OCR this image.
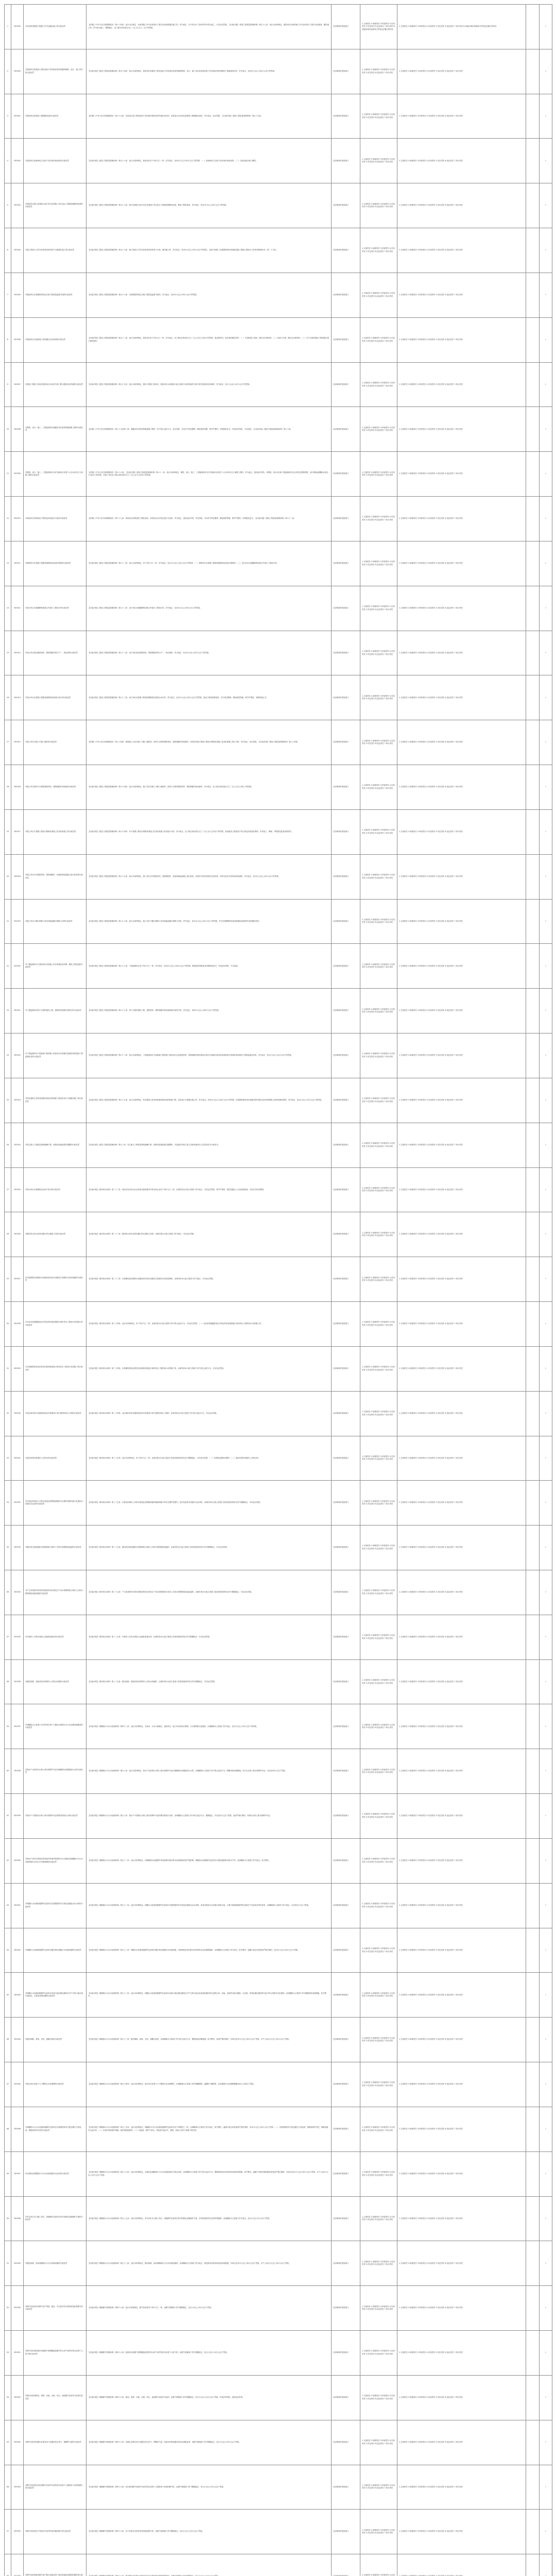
1	330299	对未经取得建筑工程施工许可证擅自施工的行政处罚	【法律】《中华人民共和国建筑法》第六十四条：违反本法规定，未取得施工许可证或者开工报告未经批准擅自施工的，责令改正，对不符合开工条件的责令停止施工，可以处以罚款。【行政法规】《建设工程质量管理条例》第五十七条：违反本条例规定，建设单位未取得施工许可证或者开工报告未经批准，擅自施工的，责令停止施工，限期改正，处工程合同价款百分之一以上百分之二以下的罚款。	住房和城乡建设部门	1.立案责任 2.调查责任 3.审查责任 4.告知责任 5.决定责任 6.送达责任 7.执行责任 8.其他法律法规规章文件规定应履行的责任	1.立案责任 2.调查责任 3.审查责任 4.告知责任 5.决定责任 6.送达责任 7.执行责任 8.其他法律法规规章文件规定应履行的责任		√
2	330300	对建设单位将建设工程发包给不具有相应资质等级的勘察、设计、施工单位的行政处罚	【行政法规】《建设工程质量管理条例》第五十四条：违反本条例规定，建设单位将建设工程发包给不具有相应资质等级的勘察、设计、施工单位或者委托给不具有相应资质等级的工程监理单位的，责令改正，处50万元以上100万元以下的罚款。	住房和城乡建设部门	1.立案责任 2.调查责任 3.审查责任 4.告知责任 5.决定责任 6.送达责任 7.执行责任	1.立案责任 2.调查责任 3.审查责任 4.告知责任 5.决定责任 6.送达责任 7.执行责任		√
3	330301	对建设单位将建设工程肢解发包的行政处罚	【法律】《中华人民共和国建筑法》第六十五条：发包单位将工程发包给不具有相应资质条件的承包单位的，或者违反本法规定将建筑工程肢解发包的，责令改正，处以罚款。【行政法规】《建设工程质量管理条例》第五十五条。	住房和城乡建设部门	1.立案责任 2.调查责任 3.审查责任 4.告知责任 5.决定责任 6.送达责任 7.执行责任	1.立案责任 2.调查责任 3.审查责任 4.告知责任 5.决定责任 6.送达责任 7.执行责任		√
4	330302	对建设单位迫使承包方以低于成本的价格竞标的行政处罚	【行政法规】《建设工程质量管理条例》第五十六条：违反本条例规定，建设单位有下列行为之一的，责令改正，处20万元以上50万元以下的罚款：（一）迫使承包方以低于成本的价格竞标的；（二）任意压缩合理工期的。	住房和城乡建设部门	1.立案责任 2.调查责任 3.审查责任 4.告知责任 5.决定责任 6.送达责任 7.执行责任	1.立案责任 2.调查责任 3.审查责任 4.告知责任 5.决定责任 6.送达责任 7.执行责任		√
5	330303	对建设单位明示或者暗示设计单位或者施工单位违反工程建设强制性标准的行政处罚	【行政法规】《建设工程质量管理条例》第五十六条：明示或者暗示设计单位或者施工单位违反工程建设强制性标准，降低工程质量的，责令改正，处20万元以上50万元以下的罚款。	住房和城乡建设部门	1.立案责任 2.调查责任 3.审查责任 4.告知责任 5.决定责任 6.送达责任 7.执行责任	1.立案责任 2.调查责任 3.审查责任 4.告知责任 5.决定责任 6.送达责任 7.执行责任		√
6	330304	对施工图设计文件未经审查或者审查不合格擅自施工的行政处罚	【行政法规】《建设工程质量管理条例》第五十六条：施工图设计文件未经审查或者审查不合格，擅自施工的，责令改正，处20万元以上50万元以下的罚款。【部门规章】《房屋建筑和市政基础设施工程施工图设计文件审查管理办法》第二十九条。	住房和城乡建设部门	1.立案责任 2.调查责任 3.审查责任 4.告知责任 5.决定责任 6.送达责任 7.执行责任	1.立案责任 2.调查责任 3.审查责任 4.告知责任 5.决定责任 6.送达责任 7.执行责任		√
7	330305	对建设单位未按照国家规定办理工程质量监督手续的行政处罚	【行政法规】《建设工程质量管理条例》第五十六条：未按照国家规定办理工程质量监督手续的，责令改正，处20万元以上50万元以下的罚款。	住房和城乡建设部门	1.立案责任 2.调查责任 3.审查责任 4.告知责任 5.决定责任 6.送达责任 7.执行责任	1.立案责任 2.调查责任 3.审查责任 4.告知责任 5.决定责任 6.送达责任 7.执行责任		√
8	330306	对建设单位未组织竣工验收擅自交付使用的行政处罚	【行政法规】《建设工程质量管理条例》第五十八条：违反本条例规定，建设单位有下列行为之一的，责令改正，处工程合同价款百分之二以上百分之四以下的罚款；造成损失的，依法承担赔偿责任：（一）未组织竣工验收，擅自交付使用的；（二）验收不合格，擅自交付使用的；（三）对不合格的建设工程按照合格工程验收的。	住房和城乡建设部门	1.立案责任 2.调查责任 3.审查责任 4.告知责任 5.决定责任 6.送达责任 7.执行责任	1.立案责任 2.调查责任 3.审查责任 4.告知责任 5.决定责任 6.送达责任 7.执行责任		√
9	330307	对建设工程竣工验收后建设单位未向有关部门移交建设项目档案的行政处罚	【行政法规】《建设工程质量管理条例》第五十九条：违反本条例规定，建设工程竣工验收后，建设单位未向建设行政主管部门或者其他有关部门移交建设项目档案的，责令改正，处1万元以上10万元以下的罚款。	住房和城乡建设部门	1.立案责任 2.调查责任 3.审查责任 4.告知责任 5.决定责任 6.送达责任 7.执行责任	1.立案责任 2.调查责任 3.审查责任 4.告知责任 5.决定责任 6.送达责任 7.执行责任		√
10	330308	对勘察、设计、施工、工程监理单位超越本单位资质等级承揽工程的行政处罚	【法律】《中华人民共和国建筑法》第六十五条第二款：超越本单位资质等级承揽工程的，责令停止违法行为，处以罚款，可以责令停业整顿，降低资质等级；情节严重的，吊销资质证书；有违法所得的，予以没收。【行政法规】《建设工程质量管理条例》第六十条。	住房和城乡建设部门	1.立案责任 2.调查责任 3.审查责任 4.告知责任 5.决定责任 6.送达责任 7.执行责任	1.立案责任 2.调查责任 3.审查责任 4.告知责任 5.决定责任 6.送达责任 7.执行责任		√
11	330309	对勘察、设计、施工、工程监理单位允许其他单位或者个人以本单位名义承揽工程的行政处罚	【法律】《中华人民共和国建筑法》第六十六条。【行政法规】《建设工程质量管理条例》第六十一条：违反本条例规定，勘察、设计、施工、工程监理单位允许其他单位或者个人以本单位名义承揽工程的，责令改正，没收违法所得，对勘察、设计单位和工程监理单位处合同约定的勘察费、设计费和监理酬金1倍以上2倍以下的罚款；对施工单位处工程合同价款百分之二以上百分之四以下的罚款。	住房和城乡建设部门	1.立案责任 2.调查责任 3.审查责任 4.告知责任 5.决定责任 6.送达责任 7.执行责任	1.立案责任 2.调查责任 3.审查责任 4.告知责任 5.决定责任 6.送达责任 7.执行责任		√
12	330310	对承包单位将承包的工程转包或者违法分包的行政处罚	【法律】《中华人民共和国建筑法》第六十七条：承包单位将承包的工程转包的，或者违反本法规定进行分包的，责令改正，没收违法所得，并处罚款，可以责令停业整顿，降低资质等级；情节严重的，吊销资质证书。【行政法规】《建设工程质量管理条例》第六十二条。	住房和城乡建设部门	1.立案责任 2.调查责任 3.审查责任 4.告知责任 5.决定责任 6.送达责任 7.执行责任	1.立案责任 2.调查责任 3.审查责任 4.告知责任 5.决定责任 6.送达责任 7.执行责任		√
13	330311	对勘察单位未按照工程建设强制性标准进行勘察的行政处罚	【行政法规】《建设工程质量管理条例》第六十三条：违反本条例规定，有下列行为之一的，责令改正，处10万元以上30万元以下的罚款：（一）勘察单位未按照工程建设强制性标准进行勘察的；（二）设计单位未根据勘察成果文件进行工程设计的。	住房和城乡建设部门	1.立案责任 2.调查责任 3.审查责任 4.告知责任 5.决定责任 6.送达责任 7.执行责任	1.立案责任 2.调查责任 3.审查责任 4.告知责任 5.决定责任 6.送达责任 7.执行责任		√
14	330312	对设计单位未根据勘察成果文件进行工程设计的行政处罚	【行政法规】《建设工程质量管理条例》第六十三条：设计单位未根据勘察成果文件进行工程设计的，责令改正，处10万元以上30万元以下的罚款。	住房和城乡建设部门	1.立案责任 2.调查责任 3.审查责任 4.告知责任 5.决定责任 6.送达责任 7.执行责任	1.立案责任 2.调查责任 3.审查责任 4.告知责任 5.决定责任 6.送达责任 7.执行责任		√
15	330313	对设计单位指定建筑材料、建筑构配件的生产厂、供应商的行政处罚	【行政法规】《建设工程质量管理条例》第六十三条：设计单位指定建筑材料、建筑构配件的生产厂、供应商的，责令改正，处10万元以上30万元以下的罚款。	住房和城乡建设部门	1.立案责任 2.调查责任 3.审查责任 4.告知责任 5.决定责任 6.送达责任 7.执行责任	1.立案责任 2.调查责任 3.审查责任 4.告知责任 5.决定责任 6.送达责任 7.执行责任		√
16	330314	对设计单位未按照工程建设强制性标准进行设计的行政处罚	【行政法规】《建设工程质量管理条例》第六十三条：设计单位未按照工程建设强制性标准进行设计的，责令改正，处10万元以上30万元以下的罚款；造成工程质量事故的，责令停业整顿，降低资质等级；情节严重的，吊销资质证书。	住房和城乡建设部门	1.立案责任 2.调查责任 3.审查责任 4.告知责任 5.决定责任 6.送达责任 7.执行责任	1.立案责任 2.调查责任 3.审查责任 4.告知责任 5.决定责任 6.送达责任 7.执行责任		√
17	330315	对施工单位在施工中偷工减料的行政处罚	【法律】《中华人民共和国建筑法》第七十四条：建筑施工企业在施工中偷工减料的，使用不合格的建筑材料、建筑构配件和设备的，或者有其他不按照工程设计图纸或者施工技术标准施工的行为的，责令改正，处以罚款。【行政法规】《建设工程质量管理条例》第六十四条。	住房和城乡建设部门	1.立案责任 2.调查责任 3.审查责任 4.告知责任 5.决定责任 6.送达责任 7.执行责任	1.立案责任 2.调查责任 3.审查责任 4.告知责任 5.决定责任 6.送达责任 7.执行责任		√
18	330316	对施工单位使用不合格的建筑材料、建筑构配件和设备的行政处罚	【行政法规】《建设工程质量管理条例》第六十四条：违反本条例规定，施工单位在施工中偷工减料的，使用不合格的建筑材料、建筑构配件和设备的，责令改正，处工程合同价款百分之二以上百分之四以下的罚款。	住房和城乡建设部门	1.立案责任 2.调查责任 3.审查责任 4.告知责任 5.决定责任 6.送达责任 7.执行责任	1.立案责任 2.调查责任 3.审查责任 4.告知责任 5.决定责任 6.送达责任 7.执行责任		√
19	330317	对施工单位不按照工程设计图纸或者施工技术标准施工的行政处罚	【行政法规】《建设工程质量管理条例》第六十四条：有不按照工程设计图纸或者施工技术标准施工的其他行为的，责令改正，处工程合同价款百分之二以上百分之四以下的罚款；造成建设工程质量不符合规定的质量标准的，负责返工、修理，并赔偿因此造成的损失。	住房和城乡建设部门	1.立案责任 2.调查责任 3.审查责任 4.告知责任 5.决定责任 6.送达责任 7.执行责任	1.立案责任 2.调查责任 3.审查责任 4.告知责任 5.决定责任 6.送达责任 7.执行责任		√
20	330318	对施工单位未对建筑材料、建筑构配件、设备和商品混凝土进行检验的行政处罚	【行政法规】《建设工程质量管理条例》第六十五条：违反本条例规定，施工单位未对建筑材料、建筑构配件、设备和商品混凝土进行检验，或者未对涉及结构安全的试块、试件以及有关材料取样检测的，责令改正，处10万元以上20万元以下的罚款。	住房和城乡建设部门	1.立案责任 2.调查责任 3.审查责任 4.告知责任 5.决定责任 6.送达责任 7.执行责任	1.立案责任 2.调查责任 3.审查责任 4.告知责任 5.决定责任 6.送达责任 7.执行责任		√
21	330319	对施工单位不履行保修义务或者拖延履行保修义务的行政处罚	【行政法规】《建设工程质量管理条例》第六十六条：违反本条例规定，施工单位不履行保修义务或者拖延履行保修义务的，责令改正，处10万元以上20万元以下的罚款，并对在保修期内因质量缺陷造成的损失承担赔偿责任。	住房和城乡建设部门	1.立案责任 2.调查责任 3.审查责任 4.告知责任 5.决定责任 6.送达责任 7.执行责任	1.立案责任 2.调查责任 3.审查责任 4.告知责任 5.决定责任 6.送达责任 7.执行责任		√
22	330320	对工程监理单位与建设单位或者施工单位串通弄虚作假、降低工程质量的行政处罚	【行政法规】《建设工程质量管理条例》第六十七条：工程监理单位有下列行为之一的，责令改正，处50万元以上100万元以下的罚款，降低资质等级或者吊销资质证书；有违法所得的，予以没收。	住房和城乡建设部门	1.立案责任 2.调查责任 3.审查责任 4.告知责任 5.决定责任 6.送达责任 7.执行责任	1.立案责任 2.调查责任 3.审查责任 4.告知责任 5.决定责任 6.送达责任 7.执行责任		√
23	330321	对工程监理单位将不合格的建设工程、建筑材料按照合格签字的行政处罚	【行政法规】《建设工程质量管理条例》第六十七条：将不合格的建设工程、建筑材料、建筑构配件和设备按照合格签字的，责令改正，处50万元以上100万元以下的罚款。	住房和城乡建设部门	1.立案责任 2.调查责任 3.审查责任 4.告知责任 5.决定责任 6.送达责任 7.执行责任	1.立案责任 2.调查责任 3.审查责任 4.告知责任 5.决定责任 6.送达责任 7.执行责任		√
24	330322	对工程监理单位与被监理工程的施工承包单位有隶属关系承担该项建设工程监理业务的行政处罚	【行政法规】《建设工程质量管理条例》第六十八条：违反本条例规定，工程监理单位与被监理工程的施工承包单位以及建筑材料、建筑构配件和设备供应单位有隶属关系或者其他利害关系承担该项建设工程的监理业务的，责令改正，处5万元以上10万元以下的罚款。	住房和城乡建设部门	1.立案责任 2.调查责任 3.审查责任 4.告知责任 5.决定责任 6.送达责任 7.执行责任	1.立案责任 2.调查责任 3.审查责任 4.告知责任 5.决定责任 6.送达责任 7.执行责任		√
25	330323	对涉及建筑主体或者承重结构变动的装修工程没有设计方案擅自施工的行政处罚	【行政法规】《建设工程质量管理条例》第六十九条：违反本条例规定，涉及建筑主体或者承重结构变动的装修工程，没有设计方案擅自施工的，责令改正，处50万元以上100万元以下的罚款；房屋建筑使用者在装修过程中擅自变动房屋建筑主体和承重结构的，责令改正，处5万元以上10万元以下的罚款。	住房和城乡建设部门	1.立案责任 2.调查责任 3.审查责任 4.告知责任 5.决定责任 6.送达责任 7.执行责任	1.立案责任 2.调查责任 3.审查责任 4.告知责任 5.决定责任 6.送达责任 7.执行责任		√
26	330324	对发生重大工程质量事故隐瞒不报、谎报或者拖延报告期限的行政处罚	【行政法规】《建设工程质量管理条例》第七十条：发生重大工程质量事故隐瞒不报、谎报或者拖延报告期限的，对直接负责的主管人员和其他责任人员依法给予行政处分。	住房和城乡建设部门	1.立案责任 2.调查责任 3.审查责任 4.告知责任 5.决定责任 6.送达责任 7.执行责任	1.立案责任 2.调查责任 3.审查责任 4.告知责任 5.决定责任 6.送达责任 7.执行责任		√
27	330325	对供水单位未按照规定向用户供水的行政处罚	【行政法规】《城市供水条例》第三十三条：城市自来水供水企业或者自建设施对外供水的企业有下列行为之一的，由城市供水行政主管部门责令改正，可以处以罚款；情节严重的，报经县级以上人民政府批准，可以责令停业整顿。	住房和城乡建设部门	1.立案责任 2.调查责任 3.审查责任 4.告知责任 5.决定责任 6.送达责任 7.执行责任	1.立案责任 2.调查责任 3.审查责任 4.告知责任 5.决定责任 6.送达责任 7.执行责任		√
28	330326	对擅自停止供水或者未履行停水通知义务的行政处罚	【行政法规】《城市供水条例》第三十三条：擅自停止供水或者未履行停水通知义务的，由城市供水行政主管部门责令改正，可以处以罚款。	住房和城乡建设部门	1.立案责任 2.调查责任 3.审查责任 4.告知责任 5.决定责任 6.送达责任 7.执行责任	1.立案责任 2.调查责任 3.审查责任 4.告知责任 5.决定责任 6.送达责任 7.执行责任		√
29	330327	对未按照规定检修供水设施或者在供水设施发生故障后未及时抢修的行政处罚	【行政法规】《城市供水条例》第三十三条：未按照规定检修供水设施或者在供水设施发生故障后未及时抢修的，由城市供水行政主管部门责令改正，可以处以罚款。	住房和城乡建设部门	1.立案责任 2.调查责任 3.审查责任 4.告知责任 5.决定责任 6.送达责任 7.执行责任	1.立案责任 2.调查责任 3.审查责任 4.告知责任 5.决定责任 6.送达责任 7.执行责任		√
30	330328	对无证或者超越资质证书规定的经营范围进行城市供水工程设计或者施工的行政处罚	【行政法规】《城市供水条例》第三十四条：违反本条例规定，有下列行为之一的，由城市供水行政主管部门责令停止违法行为，可以处以罚款：（一）无证或者超越资质证书规定的经营范围进行城市供水工程的设计或者施工的。	住房和城乡建设部门	1.立案责任 2.调查责任 3.审查责任 4.告知责任 5.决定责任 6.送达责任 7.执行责任	1.立案责任 2.调查责任 3.审查责任 4.告知责任 5.决定责任 6.送达责任 7.执行责任		√
31	330329	对未按照国家规定的技术标准和规范进行城市供水工程设计或者施工的行政处罚	【行政法规】《城市供水条例》第三十四条：未按照国家规定的技术标准和规范进行城市供水工程的设计或者施工的，由城市供水行政主管部门责令停止违法行为，可以处以罚款。	住房和城乡建设部门	1.立案责任 2.调查责任 3.审查责任 4.告知责任 5.决定责任 6.送达责任 7.执行责任	1.立案责任 2.调查责任 3.审查责任 4.告知责任 5.决定责任 6.送达责任 7.执行责任		√
32	330330	对违反城市供水发展规划及其年度建设计划兴建城市供水工程的行政处罚	【行政法规】《城市供水条例》第三十四条：违反城市供水发展规划及其年度建设计划兴建城市供水工程的，由城市供水行政主管部门责令停止违法行为，可以处以罚款。	住房和城乡建设部门	1.立案责任 2.调查责任 3.审查责任 4.告知责任 5.决定责任 6.送达责任 7.执行责任	1.立案责任 2.调查责任 3.审查责任 4.告知责任 5.决定责任 6.送达责任 7.执行责任		√
33	330331	对盗用或者转供城市公共供水的行政处罚	【行政法规】《城市供水条例》第三十五条：违反本条例规定，有下列行为之一的，由城市供水行政主管部门或者其授权的单位责令限期改正，可以处以罚款：（一）未按规定缴纳水费的；（二）盗用或者转供城市公共供水的。	住房和城乡建设部门	1.立案责任 2.调查责任 3.审查责任 4.告知责任 5.决定责任 6.送达责任 7.执行责任	1.立案责任 2.调查责任 3.审查责任 4.告知责任 5.决定责任 6.送达责任 7.执行责任		√
34	330332	对在规定的城市公共供水管道及其附属设施的安全保护范围内进行危害供水设施安全活动的行政处罚	【行政法规】《城市供水条例》第三十五条：在规定的城市公共供水管道及其附属设施的地面和地下的安全保护范围内，进行危害供水设施安全活动的，由城市供水行政主管部门或者其授权的单位责令限期改正，可以处以罚款。	住房和城乡建设部门	1.立案责任 2.调查责任 3.审查责任 4.告知责任 5.决定责任 6.送达责任 7.执行责任	1.立案责任 2.调查责任 3.审查责任 4.告知责任 5.决定责任 6.送达责任 7.执行责任		√
35	330333	对擅自将自建设施供水管网系统与城市公共供水管网系统连接的行政处罚	【行政法规】《城市供水条例》第三十五条：擅自将自建设施供水管网系统与城市公共供水管网系统连接的，由城市供水行政主管部门或者其授权的单位责令限期改正，可以处以罚款。	住房和城乡建设部门	1.立案责任 2.调查责任 3.审查责任 4.告知责任 5.决定责任 6.送达责任 7.执行责任	1.立案责任 2.调查责任 3.审查责任 4.告知责任 5.决定责任 6.送达责任 7.执行责任		√
36	330334	对产生或者使用有毒有害物质的单位将其生产用水管网系统与城市公共供水管网系统直接连接的行政处罚	【行政法规】《城市供水条例》第三十五条：产生或者使用有毒有害物质的单位将其生产用水管网系统与城市公共供水管网系统直接连接的，由城市供水行政主管部门或者其授权的单位责令限期改正，可以处以罚款。	住房和城乡建设部门	1.立案责任 2.调查责任 3.审查责任 4.告知责任 5.决定责任 6.送达责任 7.执行责任	1.立案责任 2.调查责任 3.审查责任 4.告知责任 5.决定责任 6.送达责任 7.执行责任		√
37	330335	对在城市公共供水管道上直接装泵抽水的行政处罚	【行政法规】《城市供水条例》第三十五条：在城市公共供水管道上直接装泵抽水的，由城市供水行政主管部门或者其授权的单位责令限期改正，可以处以罚款。	住房和城乡建设部门	1.立案责任 2.调查责任 3.审查责任 4.告知责任 5.决定责任 6.送达责任 7.执行责任	1.立案责任 2.调查责任 3.审查责任 4.告知责任 5.决定责任 6.送达责任 7.执行责任		√
38	330336	对擅自拆除、改装或者迁移城市公共供水设施的行政处罚	【行政法规】《城市供水条例》第三十五条：擅自拆除、改装或者迁移城市公共供水设施的，由城市供水行政主管部门或者其授权的单位责令限期改正，可以处以罚款。	住房和城乡建设部门	1.立案责任 2.调查责任 3.审查责任 4.告知责任 5.决定责任 6.送达责任 7.执行责任	1.立案责任 2.调查责任 3.审查责任 4.告知责任 5.决定责任 6.送达责任 7.执行责任		√
39	330337	对城镇排水主管部门以外的单位和个人擅自从事排水与污水处理设施建设的行政处罚	【行政法规】《城镇排水与污水处理条例》第四十八条：违反本条例规定，在雨水、污水分流地区，建设单位、施工单位将雨水管网、污水管网相互混接的，由城镇排水主管部门责令改正，处5万元以上10万元以下的罚款。	住房和城乡建设部门	1.立案责任 2.调查责任 3.审查责任 4.告知责任 5.决定责任 6.送达责任 7.执行责任	1.立案责任 2.调查责任 3.审查责任 4.告知责任 5.决定责任 6.送达责任 7.执行责任		√
40	330338	对排水户未取得污水排入排水管网许可证向城镇排水设施排放污水的行政处罚	【行政法规】《城镇排水与污水处理条例》第五十条：违反本条例规定，排水户未取得污水排入排水管网许可证向城镇排水设施排放污水的，由城镇排水主管部门责令停止违法行为，限期采取治理措施，补办污水排入排水管网许可证，可以处50万元以下罚款。	住房和城乡建设部门	1.立案责任 2.调查责任 3.审查责任 4.告知责任 5.决定责任 6.送达责任 7.执行责任	1.立案责任 2.调查责任 3.审查责任 4.告知责任 5.决定责任 6.送达责任 7.执行责任		√
41	330339	对排水户不按照污水排入排水管网许可证的要求排放污水的行政处罚	【行政法规】《城镇排水与污水处理条例》第五十条：排水户不按照污水排入排水管网许可证的要求排放污水的，由城镇排水主管部门责令停止违法行为，限期改正，可以处5万元以下罚款；造成严重后果的，吊销污水排入排水管网许可证。	住房和城乡建设部门	1.立案责任 2.调查责任 3.审查责任 4.告知责任 5.决定责任 6.送达责任 7.执行责任	1.立案责任 2.调查责任 3.审查责任 4.告知责任 5.决定责任 6.送达责任 7.执行责任		√
42	330340	对排水户因发生事故或者其他突发事件排放的污水可能危及城镇排水与污水处理设施安全运行未采取措施的行政处罚	【行政法规】《城镇排水与污水处理条例》第五十一条：违反本条例规定，因城镇排水设施维护或者检修可能对排水造成影响或者严重影响，城镇排水设施维护运营单位未提前通知相关排水户的，由城镇排水主管部门责令改正，给予警告。	住房和城乡建设部门	1.立案责任 2.调查责任 3.审查责任 4.告知责任 5.决定责任 6.送达责任 7.执行责任	1.立案责任 2.调查责任 3.审查责任 4.告知责任 5.决定责任 6.送达责任 7.执行责任		√
43	330341	对城镇污水处理设施维护运营单位未按照国家有关规定检测进出水水质的行政处罚	【行政法规】《城镇排水与污水处理条例》第五十二条：违反本条例规定，城镇污水处理设施维护运营单位未按照国家有关规定检测进出水水质的，或者未报送污水处理水质和水量、主要污染物削减量等信息和生产运营成本等信息的，由城镇排水主管部门责令改正，可以处5万元以下罚款。	住房和城乡建设部门	1.立案责任 2.调查责任 3.审查责任 4.告知责任 5.决定责任 6.送达责任 7.执行责任	1.立案责任 2.调查责任 3.审查责任 4.告知责任 5.决定责任 6.送达责任 7.执行责任		√
44	330342	对城镇污水处理设施维护运营单位擅自停运城镇污水处理设施的行政处罚	【行政法规】《城镇排水与污水处理条例》第五十二条：城镇污水处理设施维护运营单位擅自停运城镇污水处理设施，未按照规定事先报告或者采取应急处理措施的，由城镇排水主管部门责令改正，给予警告；逾期不改正或者造成严重后果的，处10万元以上50万元以下罚款。	住房和城乡建设部门	1.立案责任 2.调查责任 3.审查责任 4.告知责任 5.决定责任 6.送达责任 7.执行责任	1.立案责任 2.调查责任 3.审查责任 4.告知责任 5.决定责任 6.送达责任 7.执行责任		√
45	330343	对城镇污水处理设施维护运营单位或者污泥处理处置单位对产生的污泥未进行稳定化、无害化处理处置的行政处罚	【行政法规】《城镇排水与污水处理条例》第五十三条：违反本条例规定，城镇污水处理设施维护运营单位或者污泥处理处置单位对产生的污泥以及处理处置后的污泥的去向、用途、用量等未进行跟踪、记录的，或者处理处置后的污泥不符合国家有关标准的，由城镇排水主管部门责令限期采取治理措施，给予警告。	住房和城乡建设部门	1.立案责任 2.调查责任 3.审查责任 4.告知责任 5.决定责任 6.送达责任 7.执行责任	1.立案责任 2.调查责任 3.审查责任 4.告知责任 5.决定责任 6.送达责任 7.执行责任		√
46	330344	对擅自倾倒、堆放、丢弃、遗撒污泥的行政处罚	【行政法规】《城镇排水与污水处理条例》第五十三条：擅自倾倒、堆放、丢弃、遗撒污泥的，由城镇排水主管部门责令停止违法行为，限期采取治理措施，给予警告；造成严重后果的，对单位处10万元以上50万元以下罚款，对个人处2万元以上10万元以下罚款。	住房和城乡建设部门	1.立案责任 2.调查责任 3.审查责任 4.告知责任 5.决定责任 6.送达责任 7.执行责任	1.立案责任 2.调查责任 3.审查责任 4.告知责任 5.决定责任 6.送达责任 7.执行责任		√
47	330345	对排水单位或者个人不缴纳污水处理费的行政处罚	【行政法规】《城镇排水与污水处理条例》第五十四条：违反本条例规定，排水单位或者个人不缴纳污水处理费的，由城镇排水主管部门责令限期缴纳，逾期拒不缴纳的，处应缴纳污水处理费数额1倍以上3倍以下罚款。	住房和城乡建设部门	1.立案责任 2.调查责任 3.审查责任 4.告知责任 5.决定责任 6.送达责任 7.执行责任	1.立案责任 2.调查责任 3.审查责任 4.告知责任 5.决定责任 6.送达责任 7.执行责任		√
48	330346	对城镇排水与污水处理设施维护运营单位未按照国家有关规定履行日常巡查、维修和养护责任的行政处罚	【行政法规】《城镇排水与污水处理条例》第五十五条：违反本条例规定，城镇排水与污水处理设施维护运营单位有下列情形之一的，由城镇排水主管部门责令改正，给予警告；逾期不改正或者造成严重后果的，处10万元以上50万元以下罚款：（一）未按照国家有关规定履行日常巡查、维修和养护责任，保障设施安全运行的；（二）未及时采取防护措施、组织事故抢修的；（三）因巡查、维护不到位，导致窨井盖丢失、损毁，造成人员伤亡和财产损失的。	住房和城乡建设部门	1.立案责任 2.调查责任 3.审查责任 4.告知责任 5.决定责任 6.送达责任 7.执行责任	1.立案责任 2.调查责任 3.审查责任 4.告知责任 5.决定责任 6.送达责任 7.执行责任		√
49	330347	对从事危及城镇排水与污水处理设施安全活动的行政处罚	【行政法规】《城镇排水与污水处理条例》第五十六条：违反本条例规定，从事危及城镇排水与污水处理设施安全的活动的，由城镇排水主管部门责令停止违法行为，限期恢复原状或者采取其他补救措施，给予警告；逾期不采取补救措施或者造成严重后果的，对单位处10万元以上30万元以下罚款，对个人处2万元以上10万元以下罚款。	住房和城乡建设部门	1.立案责任 2.调查责任 3.审查责任 4.告知责任 5.决定责任 6.送达责任 7.执行责任	1.立案责任 2.调查责任 3.审查责任 4.告知责任 5.决定责任 6.送达责任 7.执行责任		√
50	330348	对有关单位未与施工单位、设施维护运营单位等共同制定设施保护方案的行政处罚	【行政法规】《城镇排水与污水处理条例》第五十七条：违反本条例规定，有关单位未与施工单位、设施维护运营单位等共同制定设施保护方案，并采取相应的安全防护措施的，由城镇排水主管部门责令改正，处2万元以上5万元以下罚款。	住房和城乡建设部门	1.立案责任 2.调查责任 3.审查责任 4.告知责任 5.决定责任 6.送达责任 7.执行责任	1.立案责任 2.调查责任 3.审查责任 4.告知责任 5.决定责任 6.送达责任 7.执行责任		√
51	330349	对擅自拆除、改动城镇排水与污水处理设施的行政处罚	【行政法规】《城镇排水与污水处理条例》第五十八条：违反本条例规定，擅自拆除、改动城镇排水与污水处理设施的，由城镇排水主管部门责令改正，恢复原状或者采取其他补救措施，对单位处10万元以上30万元以下罚款，对个人处2万元以上10万元以下罚款。	住房和城乡建设部门	1.立案责任 2.调查责任 3.审查责任 4.告知责任 5.决定责任 6.送达责任 7.执行责任	1.立案责任 2.调查责任 3.审查责任 4.告知责任 5.决定责任 6.送达责任 7.执行责任		√
52	330350	对燃气经营者未向燃气用户持续、稳定、安全供应符合国家质量标准燃气的行政处罚	【行政法规】《城镇燃气管理条例》第四十六条：违反本条例规定，燃气经营者有下列行为之一的，由燃气管理部门责令限期改正，处1万元以上10万元以下罚款。	住房和城乡建设部门	1.立案责任 2.调查责任 3.审查责任 4.告知责任 5.决定责任 6.送达责任 7.执行责任	1.立案责任 2.调查责任 3.审查责任 4.告知责任 5.决定责任 6.送达责任 7.执行责任		√
53	330351	对燃气经营者拒绝向市政燃气管网覆盖范围内符合用气条件的单位或者个人供气的行政处罚	【行政法规】《城镇燃气管理条例》第四十六条：拒绝向市政燃气管网覆盖范围内符合用气条件的单位或者个人供气的，由燃气管理部门责令限期改正，处1万元以上10万元以下罚款。	住房和城乡建设部门	1.立案责任 2.调查责任 3.审查责任 4.告知责任 5.决定责任 6.送达责任 7.执行责任	1.立案责任 2.调查责任 3.审查责任 4.告知责任 5.决定责任 6.送达责任 7.执行责任		√
54	330352	对燃气经营者倒卖、抵押、出租、出借、转让、涂改燃气经营许可证的行政处罚	【行政法规】《城镇燃气管理条例》第四十六条：倒卖、抵押、出租、出借、转让、涂改燃气经营许可证的，由燃气管理部门责令限期改正，处1万元以上10万元以下罚款；有违法所得的，没收违法所得。	住房和城乡建设部门	1.立案责任 2.调查责任 3.审查责任 4.告知责任 5.决定责任 6.送达责任 7.执行责任	1.立案责任 2.调查责任 3.审查责任 4.告知责任 5.决定责任 6.送达责任 7.执行责任		√
55	330353	对燃气经营者未履行必要告知义务擅自停止供气、调整供气量的行政处罚	【行政法规】《城镇燃气管理条例》第四十六条：未履行必要告知义务擅自停止供气、调整供气量，或者未经审批擅自停业或者歇业的，由燃气管理部门责令限期改正，处1万元以上10万元以下罚款。	住房和城乡建设部门	1.立案责任 2.调查责任 3.审查责任 4.告知责任 5.决定责任 6.送达责任 7.执行责任	1.立案责任 2.调查责任 3.审查责任 4.告知责任 5.决定责任 6.送达责任 7.执行责任		√
56	330354	对燃气经营者向未取得燃气经营许可证的单位或者个人提供用于经营的燃气的行政处罚	【行政法规】《城镇燃气管理条例》第四十六条：向未取得燃气经营许可证的单位或者个人提供用于经营的燃气的，由燃气管理部门责令限期改正，处1万元以上10万元以下罚款。	住房和城乡建设部门	1.立案责任 2.调查责任 3.审查责任 4.告知责任 5.决定责任 6.送达责任 7.执行责任	1.立案责任 2.调查责任 3.审查责任 4.告知责任 5.决定责任 6.送达责任 7.执行责任		√
57	330355	对燃气经营者在不具备安全条件的场所储存燃气的行政处罚	【行政法规】《城镇燃气管理条例》第四十六条：在不具备安全条件的场所储存燃气的，由燃气管理部门责令限期改正，处1万元以上10万元以下罚款。	住房和城乡建设部门	1.立案责任 2.调查责任 3.审查责任 4.告知责任 5.决定责任 6.送达责任 7.执行责任	1.立案责任 2.调查责任 3.审查责任 4.告知责任 5.决定责任 6.送达责任 7.执行责任		√
		对燃气经营者要求燃气用户购买其指定的产品或者接受其提供的服务的行政			1.立案责任 2.调查责任 3.审查责任 4.告知			
